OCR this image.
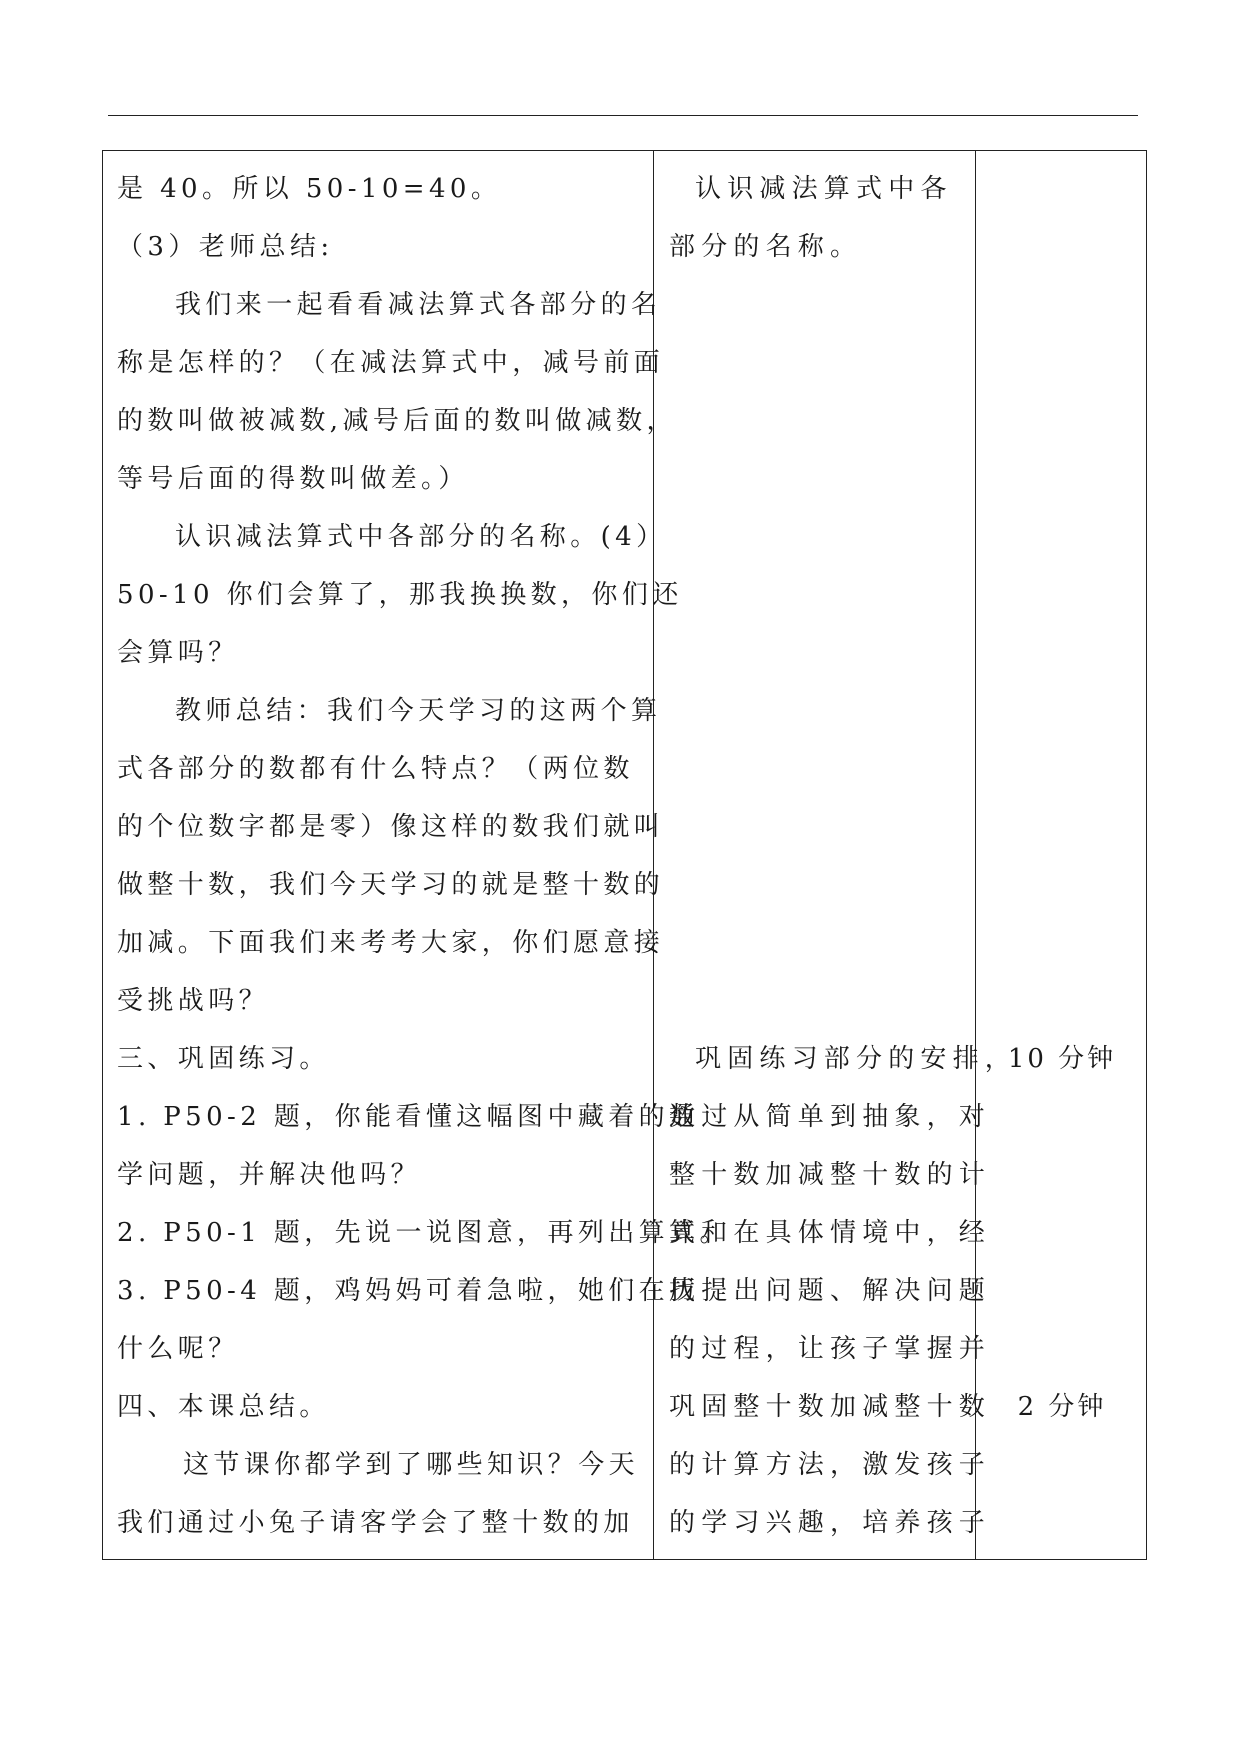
是 40。所以 50-10=40。
（3）老师总结:
我们来一起看看减法算式各部分的名
称是怎样的？（在减法算式中，减号前面
的数叫做被减数,减号后面的数叫做减数，
等号后面的得数叫做差。）
认识减法算式中各部分的名称。(4）
50-10 你们会算了，那我换换数，你们还
会算吗？
教师总结：我们今天学习的这两个算
式各部分的数都有什么特点？（两位数
的个位数字都是零）像这样的数我们就叫
做整十数，我们今天学习的就是整十数的
加减。下面我们来考考大家，你们愿意接
受挑战吗？
三、巩固练习。
1. P50-2 题，你能看懂这幅图中藏着的数
学问题，并解决他吗？
2. P50-1 题，先说一说图意，再列出算式。
3. P50-4 题，鸡妈妈可着急啦，她们在找
什么呢？
四、本课总结。
这节课你都学到了哪些知识？今天
我们通过小兔子请客学会了整十数的加
认识减法算式中各
部分的名称。
巩固练习部分的安排，
通过从简单到抽象，对
整十数加减整十数的计
算和在具体情境中，经
历提出问题、解决问题
的过程，让孩子掌握并
巩固整十数加减整十数
的计算方法，激发孩子
的学习兴趣，培养孩子
10 分钟
2 分钟
